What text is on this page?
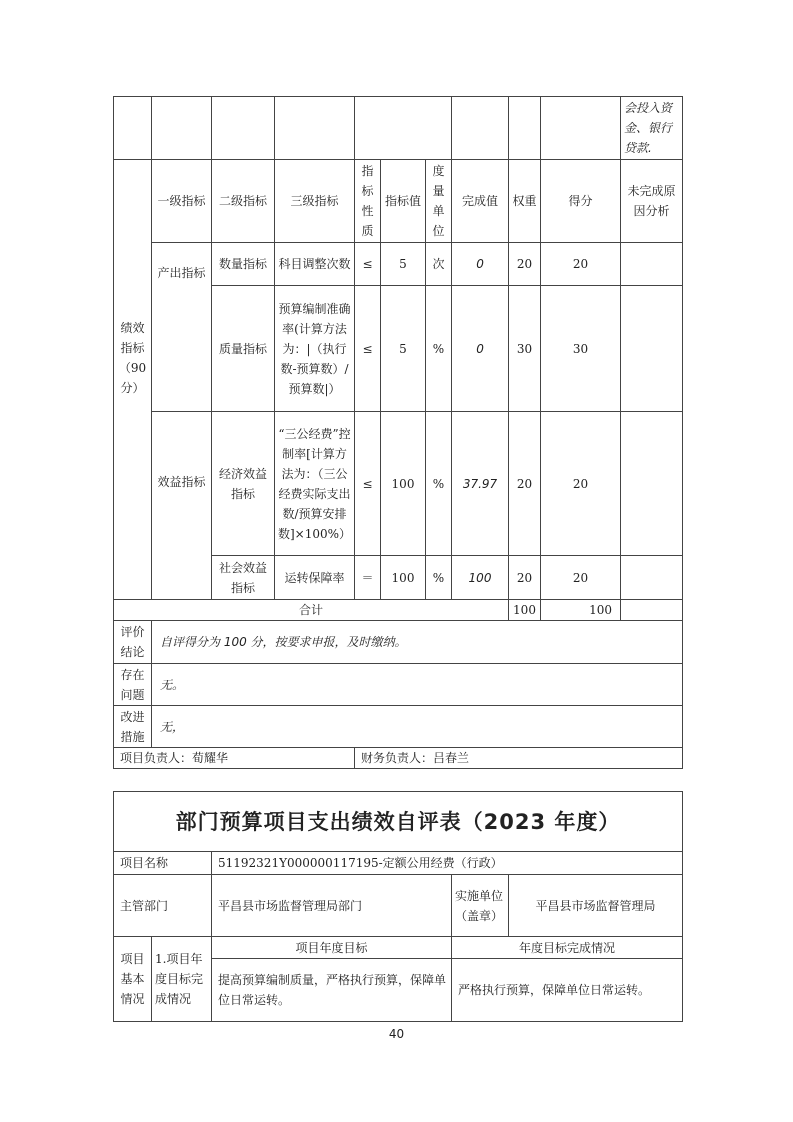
										会投入资金、银行贷款.
绩效指标（90分）	一级指标	二级指标	三级指标	指标性质	指标值	度量单位	完成值	权重	得分	未完成原因分析
	产出指标	数量指标	科目调整次数	≤	5	次	0	20	20	
		质量指标	预算编制准确率(计算方法为：|（执行数-预算数）/预算数|）	≤	5	%	0	30	30	
	效益指标	经济效益指标	“三公经费”控制率[计算方法为：（三公经费实际支出数/预算安排数]×100%）	≤	100	%	37.97	20	20	
		社会效益指标	运转保障率	＝	100	%	100	20	20	
合计								100	100	
评价结论	自评得分为 100 分，按要求申报，及时缴纳。									
存在问题	无。									
改进措施	无，									
项目负责人：荀耀华				财务负责人：吕春兰						
部门预算项目支出绩效自评表（2023 年度）				
项目名称		51192321Y000000117195-定额公用经费（行政）		
主管部门		平昌县市场监督管理局部门	实施单位（盖章）	平昌县市场监督管理局
项目基本情况	1.项目年度目标完成情况	项目年度目标	年度目标完成情况	
		提高预算编制质量，严格执行预算，保障单位日常运转。	严格执行预算，保障单位日常运转。	
40
